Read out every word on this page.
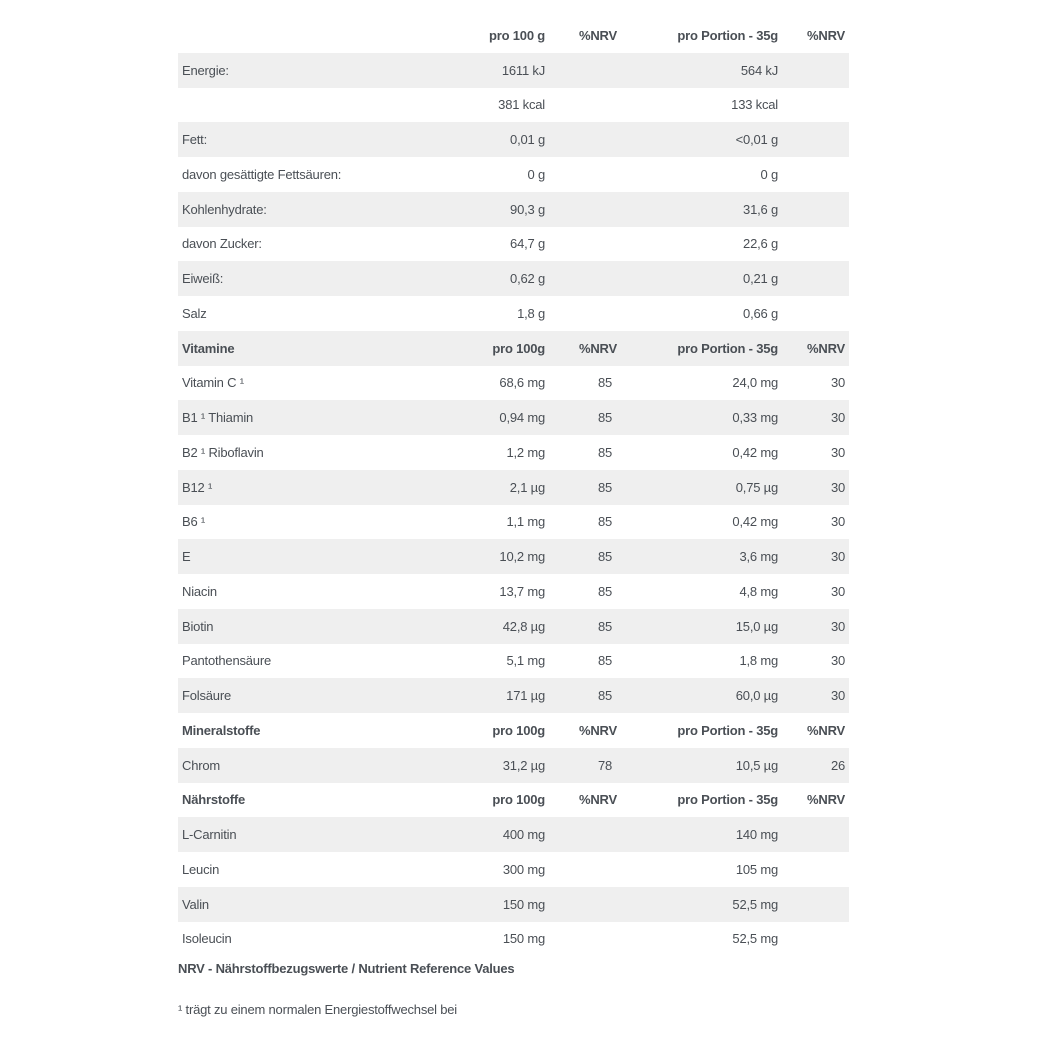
	pro 100 g	%NRV	pro Portion - 35g	%NRV
Energie:	1611 kJ		564 kJ	
	381 kcal		133 kcal	
Fett:	0,01 g		<0,01 g	
davon gesättigte Fettsäuren:	0 g		0 g	
Kohlenhydrate:	90,3 g		31,6 g	
davon Zucker:	64,7 g		22,6 g	
Eiweiß:	0,62 g		0,21 g	
Salz	1,8 g		0,66 g	
Vitamine	pro 100g	%NRV	pro Portion - 35g	%NRV
Vitamin C ¹	68,6 mg	85	24,0 mg	30
B1 ¹ Thiamin	0,94 mg	85	0,33 mg	30
B2 ¹ Riboflavin	1,2 mg	85	0,42 mg	30
B12 ¹	2,1 µg	85	0,75 µg	30
B6 ¹	1,1 mg	85	0,42 mg	30
E	10,2 mg	85	3,6 mg	30
Niacin	13,7 mg	85	4,8 mg	30
Biotin	42,8 µg	85	15,0 µg	30
Pantothensäure	5,1 mg	85	1,8 mg	30
Folsäure	171 µg	85	60,0 µg	30
Mineralstoffe	pro 100g	%NRV	pro Portion - 35g	%NRV
Chrom	31,2 µg	78	10,5 µg	26
Nährstoffe	pro 100g	%NRV	pro Portion - 35g	%NRV
L-Carnitin	400 mg		140 mg	
Leucin	300 mg		105 mg	
Valin	150 mg		52,5 mg	
Isoleucin	150 mg		52,5 mg	
NRV - Nährstoffbezugswerte / Nutrient Reference Values
¹ trägt zu einem normalen Energiestoffwechsel bei
